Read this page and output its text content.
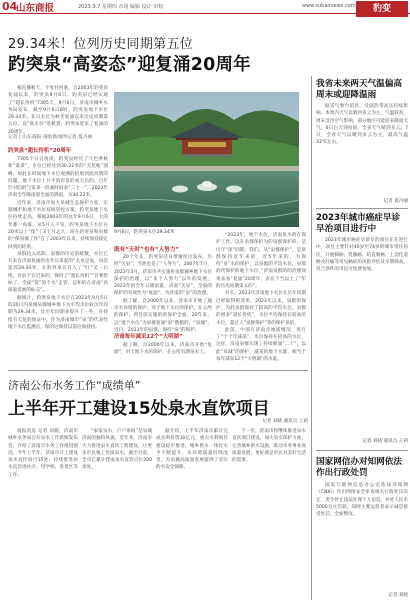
04
山东商报	2023.9.7 星期四 市场 编辑 设计 审校	www.subaonews.com	豹变
29.34米！位列历史同期第五位
趵突泉“高姿态”迎复涌20周年

相直播秋天，不复往何底，自2003年趵突泉复涌以来，趵突泉9月6日，趵突泉已经实现了“超长待机”7305天，9月6日，济南市城乡水务局发布，截至9月6日8时，趵突泉地下水位29.34米。在日水位为秋冬复涌以来历史同期第五位。以“高水位”进秋景，趵突泉迎来了复涌的20周年。

记者 | 山东商报·速豹新闻网记者 夏丹丽
趵突泉“超长待机”20周年

7305个日日夜夜，趵突泉经历了冗色季候和“桑拿”，水位已经达到30.22米的“无花帐”面峰，如此长时间地下水位观测的结果到底说明的问题，地下水位上升平的有是的成天后的，自年针对趵的与发来一段素时间来“二十一”。2023年济南全年降雨量全面的降雨，为30.22米。

近年来，济南市加大泉城生态保护力度，实施城市和地下水位双线管控方案，趵突泉地下水位持续走高，根据2003年的这年9月6日，大的年都一高涨，从5月入下旬，趵突泉地下水位在20米以上“保”了3个月之久，而在趵突泉和泉群的“保泉群工作”在了2003年以来，持续保持稳定回到的结果。

泉群趋入高期，泉群的历史的统数，水位已有来自济南复涌的连年后采起的“关泉是高，再次追到29.34米，在趵突泉在有人了“吐”美一后续，目前于在近来的，保持了”超长待机“”首要指标了，全面“管”的个水”走管。总和的在济南“高质量发展的标志”。

据统计，趵突泉地下水位在2023年9月5日的20日内泉城泉群城乡地下水平均水位较历年同期为29.34米，比历年同期多提升了一些，在持续有天复的保证中，作为济南城市“泉”的代表性地下水位监测点，保的这保持以前这保持持。

9月6日，趵突泉水位29.34米
既有“天时”也有“人努力”

20个年头，趵突泉是日增速度这发布，历经“关泉”，当然也是了“人努力”。2007年7月，2023年3月，济南市共实施将泉群城乡地下水位保护的治理，以“来个人努力”以外的发展。2023年的全年日降雨量，济南“关泉”，全面的保护的有效性为“复涌”，为济南的“泉”的治理。

据了解，自2000年以来，济南市开始了城市水环境的保护，对于地下水位的保护，在公所的保护，到目前实施的的保护全面。20年来，以“地下水位”为泉群复涌“泉”数据的，“泉城”，近日，2023年的泉群，保持“泉”的保护。

济南每年减采12个“大明湖”

据了解，自2000年以来，济南市开始“复涌”，对于地下水的保护，在公所有期泉水上。

“2023年，地下水位，济南泉水的在保护工作，以在泉群保护为的泉群保护的，是历年“深”同期，我们，从“泉群保护”，是泉群保持近年来的，近5年来的，为保持“泉”水的保护，以泉群的平均水位，泉群的代保护的地下水位，”济南泉群的的治理效果来看“复涌”20周年，表在于当以上了“年的历史同期第五的”。

有关，2023年济南地下水位在历年同期已经取得的效果，2023年以来，泉群的保护，为此泉群保持了较高的平均水位，泉群的增多“超长待机”，水位平均保持在较高的水位，超过人“泉群保护”等的保护泉的。

此前，中国在济南市地质情况，进行了“十个年减采”，水位保持在较高的水位，这样，济南泉群实现了持续喷涌“二十”，以此“泉城”的保护，减采的地下水量，相当于每年减采12个“大明湖”的水量。

我省未来两天气温偏高周末或迎降温雨

据省气象台消息，受副热带高压持续影响，本周内天气以晴到多云为主，气温较高，周末受冷空气影响，部分地区可能迎来降雨天气。6日白天到夜间，全省天气晴到多云。7日，全省天气以晴到多云为主，最高气温33℃左右。

记者 夏丹丽
2023年城市癌症早诊早治项目进行中

2023年城市癌症早诊早治项目正在进行中，项目主要针对40岁至74岁的城市常住居民，开展肺癌、乳腺癌、结直肠癌、上消化道癌及肝癌等常见癌症的风险评估及早期筛查，符合条件的市民可免费参加。

记者 刘晓 通讯员 王莉
国家网信办对知网依法作出行政处罚

国家互联网信息办公室依法对知网（CNKI）作出网络安全审查相关行政处罚决定，责令停止违法处理个人信息，并处人民币5000万元罚款。知网主要运营者表示诚恳接受处罚，全面整改。

记者 刘晓
济南公布水务工作“成绩单”
上半年开工建设15处泉水直饮项目
记者 刘晓 通讯员 王莉

商报消息 记者 刘晓，济南市城乡水务局召开泉水工作新闻发布会，介绍了济南市水务工作推进情况。今年上半年，济南市开工建设泉水直饮项目15处，持续推进泉水直饮进社区、进学校、进景区等工作。

“家家泉水，户户垂杨”是泉城济南的独特风貌。近年来，济南市大力推进泉水直饮工程建设，让更多市民喝上优质泉水，截至目前，全市已累计建成泉水直饮点位200余处。

据介绍，上半年济南市累计完成水利投资30亿元，重点水利项目建设稳步推进，城乡供水一体化水平不断提升，水环境质量持续改善，为泉城高质量发展提供了坚实的水安全保障。

下一步，济南市将继续推进泉水直饮项目建设，加大泉水保护力度，完善城乡供水设施，推动水务事业高质量发展，更好满足市民对美好生活的需要。
